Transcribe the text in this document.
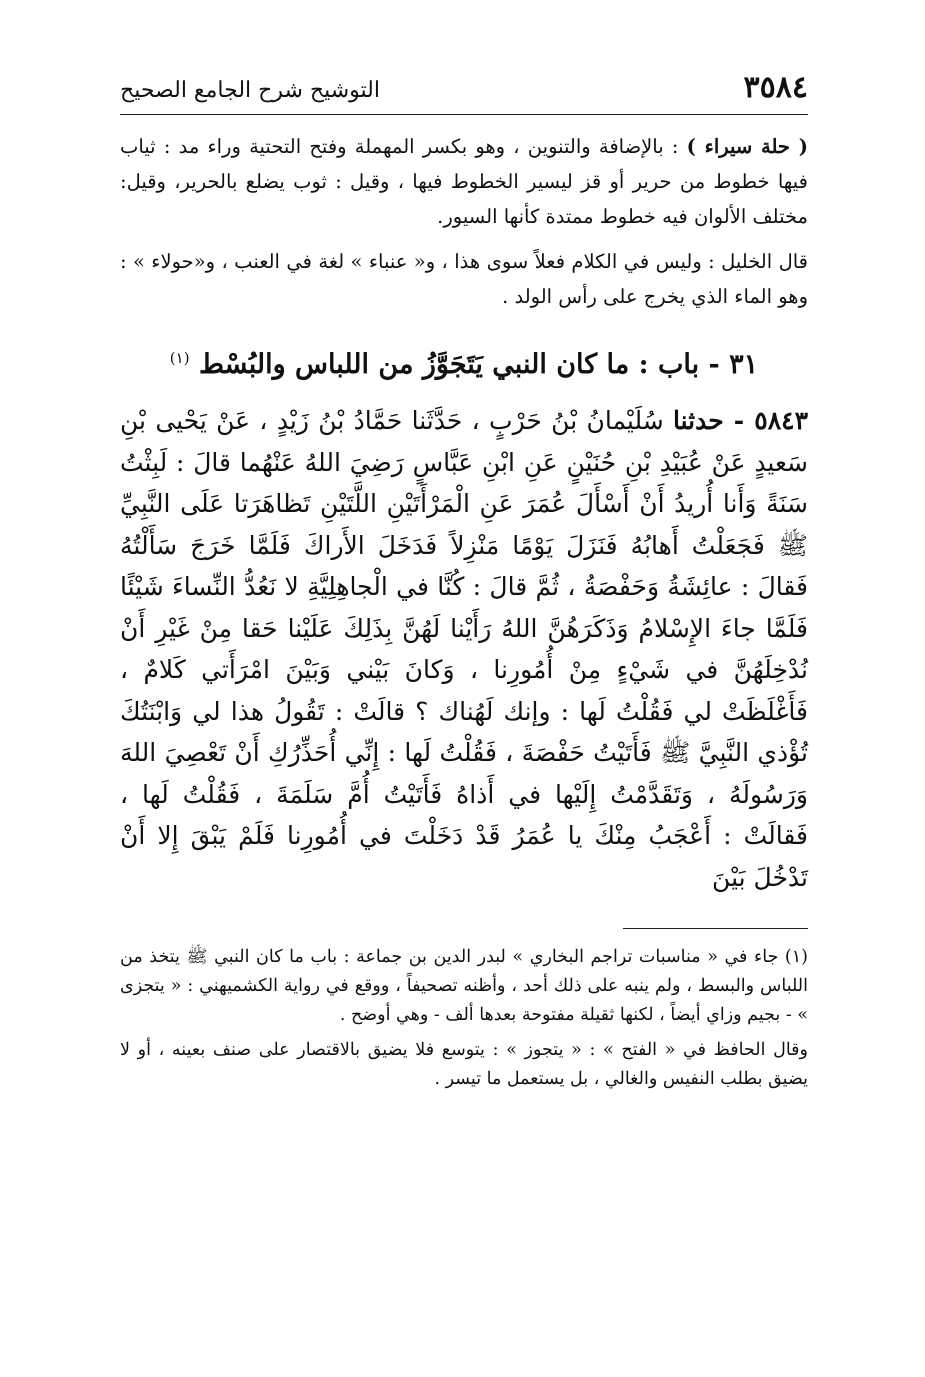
٣٥٨٤
التوشيح شرح الجامع الصحيح

( حلة سيراء ) : بالإضافة والتنوين ، وهو بكسر المهملة وفتح التحتية وراء مد : ثياب فيها خطوط من حرير أو قز ليسير الخطوط فيها ، وقيل : ثوب يضلع بالحرير، وقيل: مختلف الألوان فيه خطوط ممتدة كأنها السيور.

قال الخليل : وليس في الكلام فعلاً سوى هذا ، و« عنباء » لغة في العنب ، و«حولاء » : وهو الماء الذي يخرج على رأس الولد .

٣١ - باب : ما كان النبي يَتَجَوَّزُ من اللباس والبُسْط $^{(١)}$

٥٨٤٣ - حدثنا سُلَيْمانُ بْنُ حَرْبٍ ، حَدَّثَنا حَمَّادُ بْنُ زَيْدٍ ، عَنْ يَحْيى بْنِ سَعيدٍ عَنْ عُبَيْدِ بْنِ حُنَيْنٍ عَنِ ابْنِ عَبَّاسٍ رَضِيَ اللهُ عَنْهُما قالَ : لَبِثْتُ سَنَةً وَأَنا أُريدُ أَنْ أَسْأَلَ عُمَرَ عَنِ الْمَرْأَتَيْنِ اللَّتَيْنِ تَظاهَرَتا عَلَى النَّبِيِّ ﷺ فَجَعَلْتُ أَهابُهُ فَنَزَلَ يَوْمًا مَنْزِلاً فَدَخَلَ الأَراكَ فَلَمَّا خَرَجَ سَأَلْتُهُ فَقالَ : عائِشَةُ وَحَفْصَةُ ، ثُمَّ قالَ : كُنَّا في الْجاهِلِيَّةِ لا نَعُدُّ النِّساءَ شَيْئًا فَلَمَّا جاءَ الإِسْلامُ وَذَكَرَهُنَّ اللهُ رَأَيْنا لَهُنَّ بِذَلِكَ عَلَيْنا حَقا مِنْ غَيْرِ أَنْ نُدْخِلَهُنَّ في شَيْءٍ مِنْ أُمُورِنا ، وَكانَ بَيْني وَبَيْنَ امْرَأَتي كَلامٌ ، فَأَغْلَظَتْ لي فَقُلْتُ لَها : وإنك لَهُناك ؟ قالَتْ : تَقُولُ هذا لي وَابْنَتُكَ تُؤْذي النَّبِيَّ ﷺ فَأَتَيْتُ حَفْصَةَ ، فَقُلْتُ لَها : إِنِّي أُحَذِّرُكِ أَنْ تَعْصِيَ اللهَ وَرَسُولَهُ ، وَتَقَدَّمْتُ إِلَيْها في أَذاهُ فَأَتَيْتُ أُمَّ سَلَمَةَ ، فَقُلْتُ لَها ، فَقالَتْ : أَعْجَبُ مِنْكَ يا عُمَرُ قَدْ دَخَلْتَ في أُمُورِنا فَلَمْ يَبْقَ إِلا أَنْ تَدْخُلَ بَيْنَ

(١) جاء في « مناسبات تراجم البخاري » لبدر الدين بن جماعة : باب ما كان النبي ﷺ يتخذ من اللباس والبسط ، ولم ينبه على ذلك أحد ، وأظنه تصحيفاً ، ووقع في رواية الكشميهني : « يتجزى » - بجيم وزاي أيضاً ، لكنها ثقيلة مفتوحة بعدها ألف - وهي أوضح .

وقال الحافظ في « الفتح » : « يتجوز » : يتوسع فلا يضيق بالاقتصار على صنف بعينه ، أو لا يضيق بطلب النفيس والغالي ، بل يستعمل ما تيسر .
